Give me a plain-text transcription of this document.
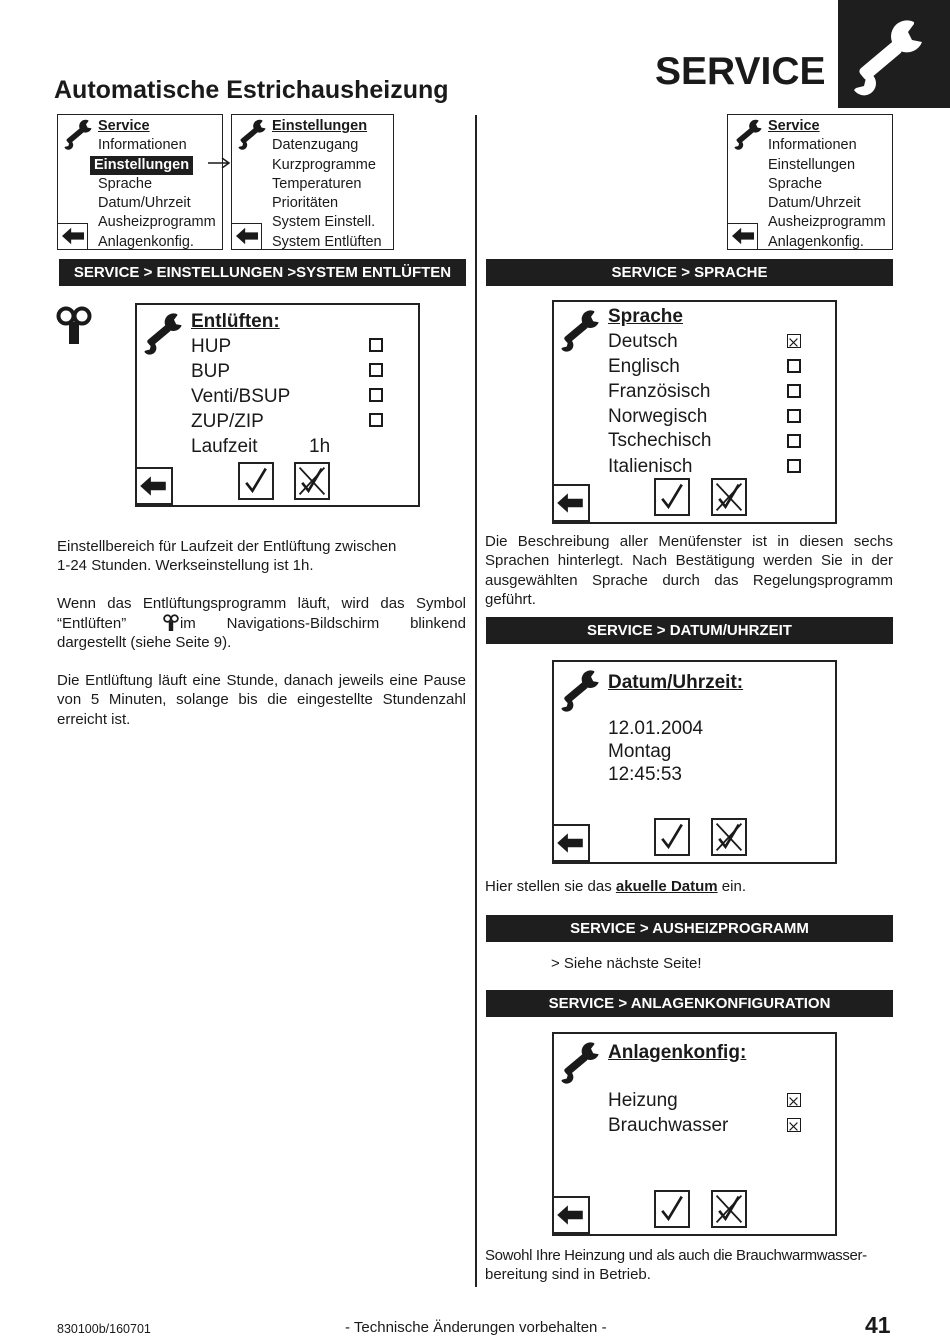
Automatische Estrichausheizung	SERVICE
Service
Informationen
Einstellungen
Sprache
Datum/Uhrzeit
Ausheizprogramm
Anlagenkonfig.
Einstellungen
Datenzugang
Kurzprogramme
Temperaturen
Prioritäten
System Einstell.
System Entlüften
SERVICE > EINSTELLUNGEN >SYSTEM ENTLÜFTEN
Entlüften:
HUP
BUP
Venti/BSUP
ZUP/ZIP
Laufzeit	1h
Einstellbereich für Laufzeit der Entlüftung zwischen
1-24 Stunden. Werkseinstellung ist 1h.
Wenn das Entlüftungsprogramm läuft, wird das Symbol
“Entlüften”	im Navigations-Bildschirm blinkend
dargestellt (siehe Seite 9).
Die Entlüftung läuft eine Stunde, danach jeweils eine Pause
von 5 Minuten, solange bis die eingestellte Stundenzahl
erreicht ist.
Service
Informationen
Einstellungen
Sprache
Datum/Uhrzeit
Ausheizprogramm
Anlagenkonfig.
SERVICE > SPRACHE
Sprache
Deutsch
Englisch
Französisch
Norwegisch
Tschechisch
Italienisch
Die Beschreibung aller Menüfenster ist in diesen sechs
Sprachen hinterlegt. Nach Bestätigung werden Sie in der
ausgewählten Sprache durch das Regelungsprogramm
geführt.
SERVICE > DATUM/UHRZEIT
Datum/Uhrzeit:
12.01.2004
Montag
12:45:53
Hier stellen sie das akuelle Datum ein.
SERVICE > AUSHEIZPROGRAMM
> Siehe nächste Seite!
SERVICE > ANLAGENKONFIGURATION
Anlagenkonfig:
Heizung
Brauchwasser
Sowohl Ihre Heinzung und als auch die Brauchwarmwasser-
bereitung sind in Betrieb.
830100b/160701	- Technische Änderungen vorbehalten -	41
